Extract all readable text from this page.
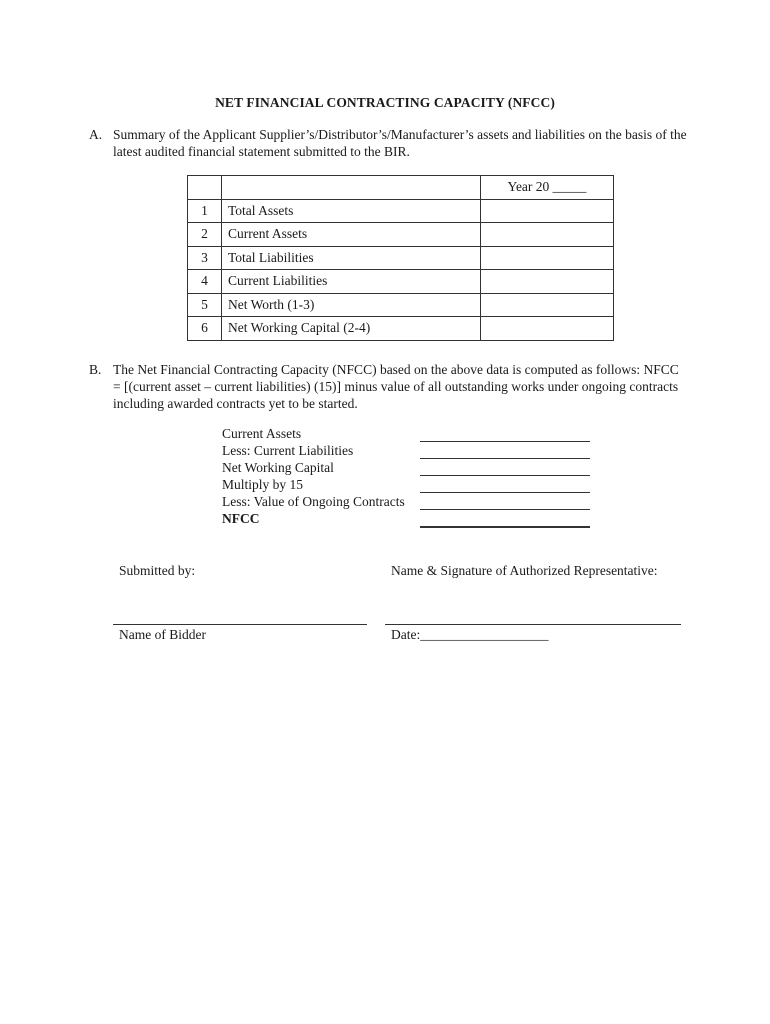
NET FINANCIAL CONTRACTING CAPACITY (NFCC)
A. Summary of the Applicant Supplier’s/Distributor’s/Manufacturer’s assets and liabilities on the basis of the latest audited financial statement submitted to the BIR.
		Year 20 _____
1	Total Assets	
2	Current Assets	
3	Total Liabilities	
4	Current Liabilities	
5	Net Worth (1-3)	
6	Net Working Capital (2-4)	
B. The Net Financial Contracting Capacity (NFCC) based on the above data is computed as follows: NFCC = [(current asset – current liabilities) (15)] minus value of all outstanding works under ongoing contracts including awarded contracts yet to be started.
Current Assets
Less: Current Liabilities
Net Working Capital
Multiply by 15
Less: Value of Ongoing Contracts
NFCC
Submitted by:	Name & Signature of Authorized Representative:
Name of Bidder	Date:___________________
